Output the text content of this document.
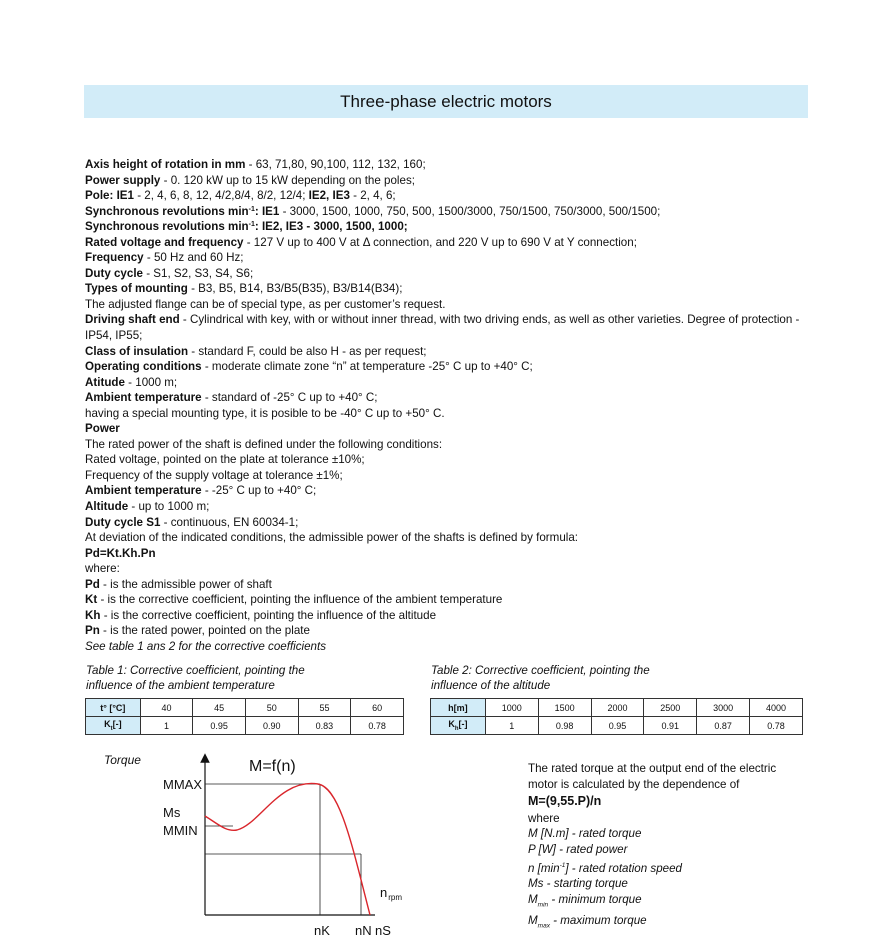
Three-phase electric motors
Axis height of rotation in mm - 63, 71,80, 90,100, 112, 132, 160;
Power supply - 0. 120 kW up to 15 kW depending on the poles;
Pole: IE1 - 2, 4, 6, 8, 12, 4/2,8/4, 8/2, 12/4; IE2, IE3 - 2, 4, 6;
Synchronous revolutions $\min^{-1}$: IE1 - 3000, 1500, 1000, 750, 500, 1500/3000, 750/1500, 750/3000, 500/1500;
Synchronous revolutions $\min^{-1}$: IE2, IE3 - 3000, 1500, 1000;
Rated voltage and frequency - 127 V up to 400 V at Δ connection, and 220 V up to 690 V at Y connection;
Frequency - 50 Hz and 60 Hz;
Duty cycle - S1, S2, S3, S4, S6;
Types of mounting - B3, B5, B14, B3/B5(B35), B3/B14(B34);
The adjusted flange can be of special type, as per customer’s request.
Driving shaft end - Cylindrical with key, with or without inner thread, with two driving ends, as well as other varieties. Degree of protection - IP54, IP55;
Class of insulation - standard F, could be also H - as per request;
Operating conditions - moderate climate zone “n” at temperature -25° C up to +40° C;
Atitude - 1000 m;
Ambient temperature - standard of -25° C up to +40° C;
having a special mounting type, it is posible to be -40° C up to +50° C.
Power
The rated power of the shaft is defined under the following conditions:
Rated voltage, pointed on the plate at tolerance ±10%;
Frequency of the supply voltage at tolerance ±1%;
Ambient temperature - -25° C up to +40° C;
Altitude - up to 1000 m;
Duty cycle S1 - continuous, EN 60034-1;
At deviation of the indicated conditions, the admissible power of the shafts is defined by formula:
Pd=Kt.Kh.Pn
where:
Pd - is the admissible power of shaft
Kt - is the corrective coefficient, pointing the influence of the ambient temperature
Kh - is the corrective coefficient, pointing the influence of the altitude
Pn - is the rated power, pointed on the plate
See table 1 ans 2 for the corrective coefficients
Table 1: Corrective coefficient, pointing the
influence of the ambient temperature
t° [°C]	40	45	50	55	60
$K_t[-]$	1	0.95	0.90	0.83	0.78
Table 2: Corrective coefficient, pointing the
influence of the altitude
h[m]	1000	1500	2000	2500	3000	4000
$K_h[-]$	1	0.98	0.95	0.91	0.87	0.78
Torque	M=f(n)
MMAX
Ms
MMIN
$n_{rpm}$
nK nN nS
The rated torque at the output end of the electric motor is calculated by the dependence of
M=(9,55.P)/n
where
M [N.m] - rated torque
P [W] - rated power
n $[\min^{-1}]$ - rated rotation speed
Ms - starting torque
$M_{min}$ - minimum torque
$M_{max}$ - maximum torque
